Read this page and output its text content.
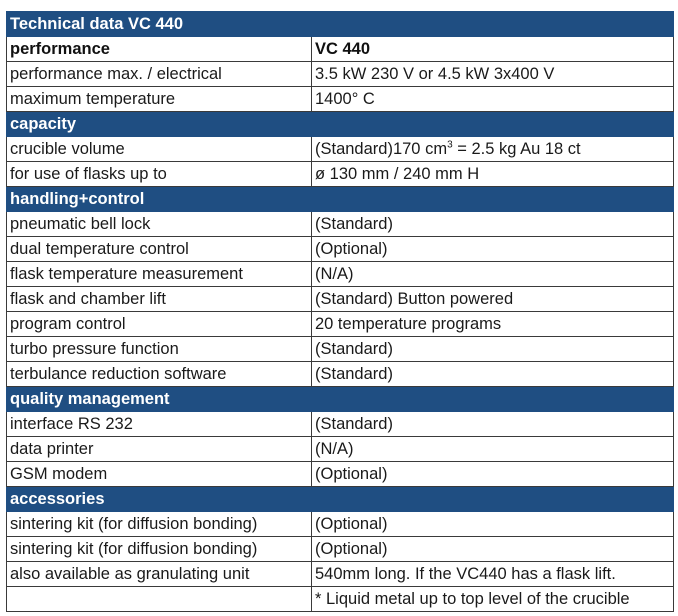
Technical data VC 440	
performance	VC 440
performance max. / electrical	3.5 kW 230 V or 4.5 kW 3x400 V
maximum temperature	1400° C
capacity	
crucible volume	(Standard)170 $cm^3 = 2.5$ kg Au 18 ct
for use of flasks up to	ø 130 mm / 240 mm H
handling+control	
pneumatic bell lock	(Standard)
dual temperature control	(Optional)
flask temperature measurement	(N/A)
flask and chamber lift	(Standard) Button powered
program control	20 temperature programs
turbo pressure function	(Standard)
terbulance reduction software	(Standard)
quality management	
interface RS 232	(Standard)
data printer	(N/A)
GSM modem	(Optional)
accessories	
sintering kit (for diffusion bonding)	(Optional)
sintering kit (for diffusion bonding)	(Optional)
also available as granulating unit	540mm long. If the VC440 has a flask lift.
	* Liquid metal up to top level of the crucible
